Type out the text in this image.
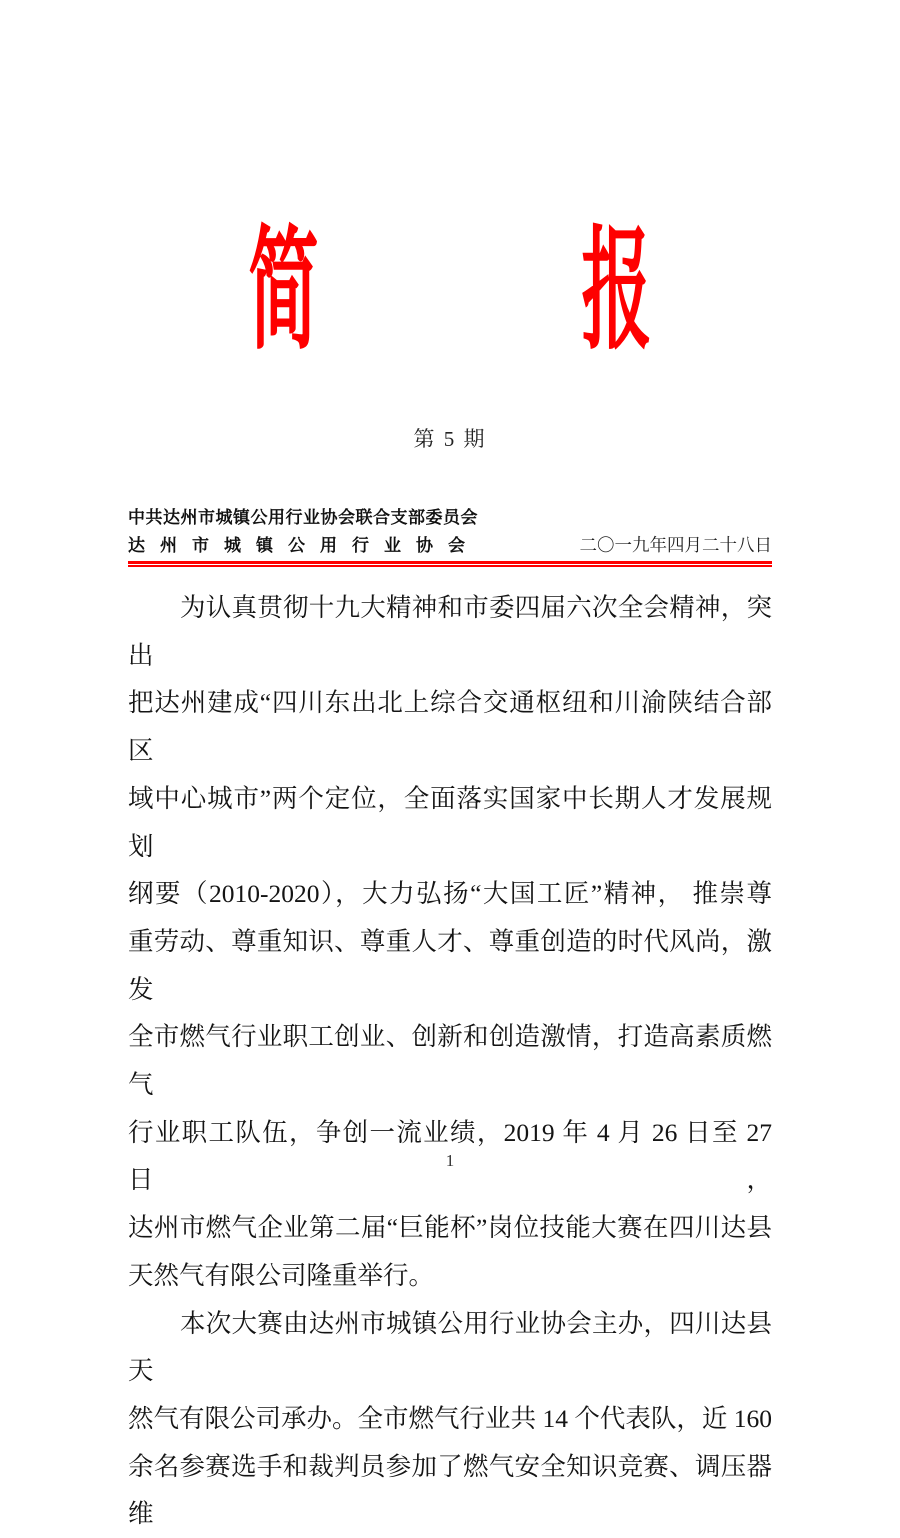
简	报
第 5 期
中共达州市城镇公用行业协会联合支部委员会
达 州 市 城 镇 公 用 行 业 协 会	二〇一九年四月二十八日
为认真贯彻十九大精神和市委四届六次全会精神，突出
把达州建成“四川东出北上综合交通枢纽和川渝陕结合部区
域中心城市”两个定位，全面落实国家中长期人才发展规划
纲要（2010-2020），大力弘扬“大国工匠”精神， 推崇尊
重劳动、尊重知识、尊重人才、尊重创造的时代风尚，激发
全市燃气行业职工创业、创新和创造激情，打造高素质燃气
行业职工队伍，争创一流业绩，2019 年 4 月 26 日至 27 日，
达州市燃气企业第二届“巨能杯”岗位技能大赛在四川达县
天然气有限公司隆重举行。
本次大赛由达州市城镇公用行业协会主办，四川达县天
然气有限公司承办。全市燃气行业共 14 个代表队，近 160
余名参赛选手和裁判员参加了燃气安全知识竞赛、调压器维
1
